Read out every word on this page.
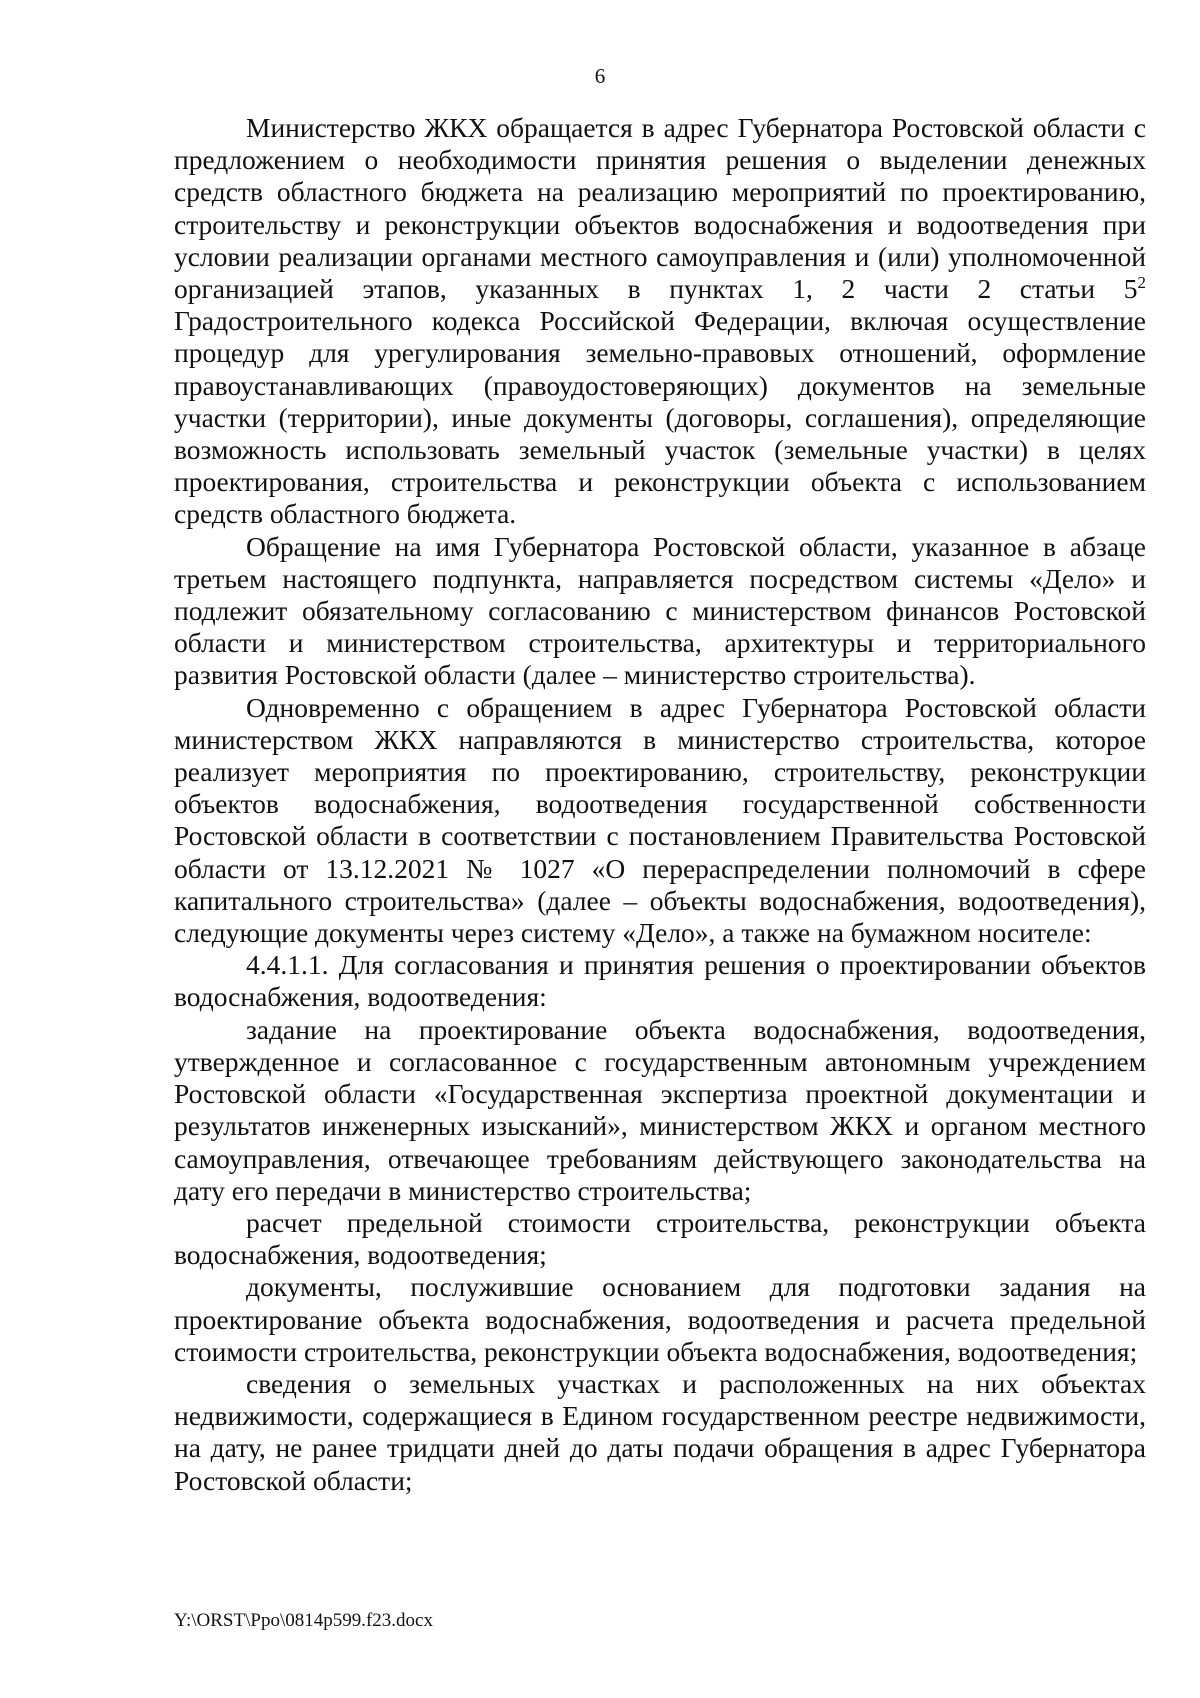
6

Министерство ЖКХ обращается в адрес Губернатора Ростовской области с предложением о необходимости принятия решения о выделении денежных средств областного бюджета на реализацию мероприятий по проектированию, строительству и реконструкции объектов водоснабжения и водоотведения при условии реализации органами местного самоуправления и (или) уполномоченной организацией этапов, указанных в пунктах 1, 2 части 2 статьи $5^2$ Градостроительного кодекса Российской Федерации, включая осуществление процедур для урегулирования земельно-правовых отношений, оформление правоустанавливающих (правоудостоверяющих) документов на земельные участки (территории), иные документы (договоры, соглашения), определяющие возможность использовать земельный участок (земельные участки) в целях проектирования, строительства и реконструкции объекта с использованием средств областного бюджета.

Обращение на имя Губернатора Ростовской области, указанное в абзаце третьем настоящего подпункта, направляется посредством системы «Дело» и подлежит обязательному согласованию с министерством финансов Ростовской области и министерством строительства, архитектуры и территориального развития Ростовской области (далее – министерство строительства).

Одновременно с обращением в адрес Губернатора Ростовской области министерством ЖКХ направляются в министерство строительства, которое реализует мероприятия по проектированию, строительству, реконструкции объектов водоснабжения, водоотведения государственной собственности Ростовской области в соответствии с постановлением Правительства Ростовской области от 13.12.2021 № 1027 «О перераспределении полномочий в сфере капитального строительства» (далее – объекты водоснабжения, водоотведения), следующие документы через систему «Дело», а также на бумажном носителе:

4.4.1.1. Для согласования и принятия решения о проектировании объектов водоснабжения, водоотведения:

задание на проектирование объекта водоснабжения, водоотведения, утвержденное и согласованное с государственным автономным учреждением Ростовской области «Государственная экспертиза проектной документации и результатов инженерных изысканий», министерством ЖКХ и органом местного самоуправления, отвечающее требованиям действующего законодательства на дату его передачи в министерство строительства;

расчет предельной стоимости строительства, реконструкции объекта водоснабжения, водоотведения;

документы, послужившие основанием для подготовки задания на проектирование объекта водоснабжения, водоотведения и расчета предельной стоимости строительства, реконструкции объекта водоснабжения, водоотведения;

сведения о земельных участках и расположенных на них объектах недвижимости, содержащиеся в Едином государственном реестре недвижимости, на дату, не ранее тридцати дней до даты подачи обращения в адрес Губернатора Ростовской области;

Y:\ORST\Ppo\0814p599.f23.docx
